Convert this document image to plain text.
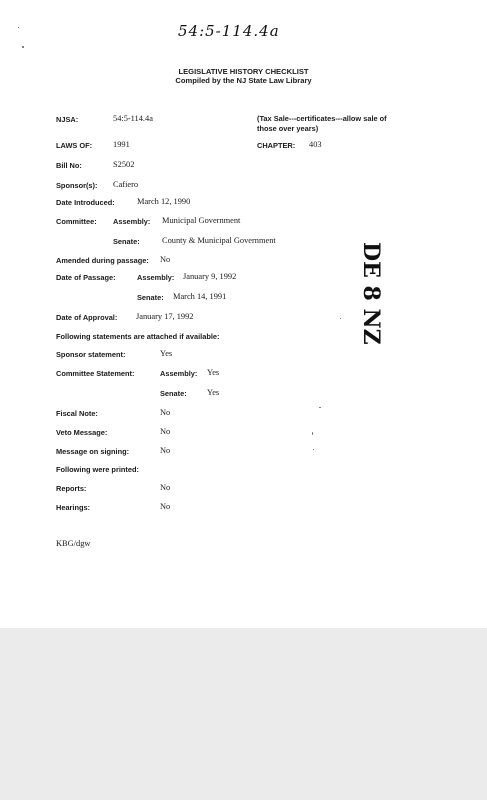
54:5-114.4a
LEGISLATIVE HISTORY CHECKLIST
Compiled by the NJ State Law Library
NJSA:	54:5-114.4a	(Tax Sale---certificates---allow sale of those over years)
LAWS OF: 1991	CHAPTER: 403
Bill No:	S2502
Sponsor(s): Cafiero
Date Introduced:	March 12, 1990
Committee: Assembly: Municipal Government
Senate:	County & Municipal Government
Amended during passage: No
Date of Passage:	Assembly: January 9, 1992
Senate: March 14, 1991
Date of Approval: January 17, 1992
Following statements are attached if available:
Sponsor statement:	Yes
Committee Statement:	Assembly: Yes
Senate: Yes
Fiscal Note:	No
Veto Message:	No
Message on signing:	No
Following were printed:
Reports:	No
Hearings:	No
KBG/dgw
DE 8 NZ
